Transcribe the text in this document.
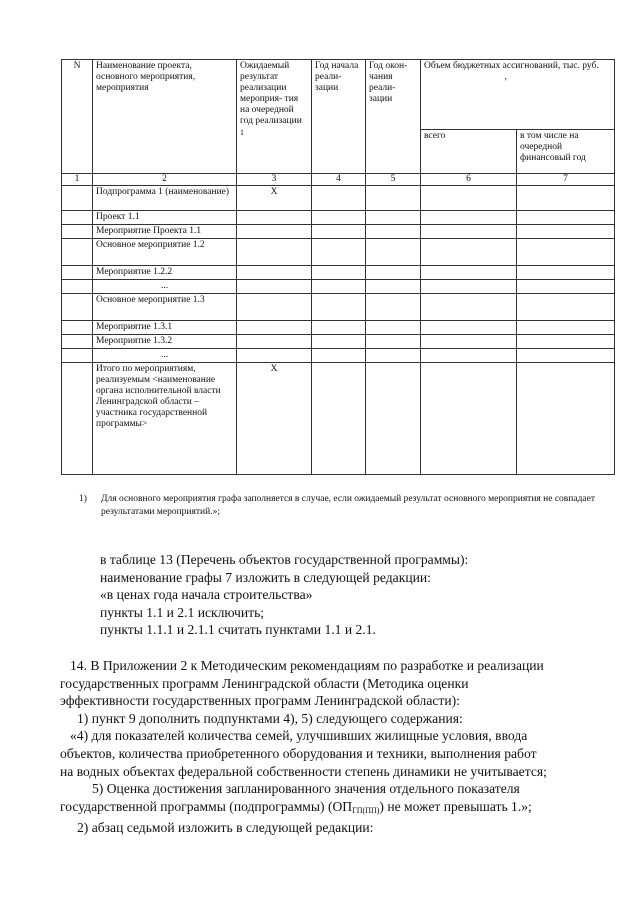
N	Наименование проекта, основного мероприятия, мероприятия	Ожидаемый результат реализации мероприя- тия на очередной год реализации $^1$	Год начала реали- зации	Год окон- чания реали- зации	Объем бюджетных ассигнований, тыс. руб.
‚	
					всего	в том числе на очередной финансовый год
1	2	3	4	5	6	7
	Подпрограмма 1 (наименование)	Х				
	Проект 1.1					
	Мероприятие Проекта 1.1					
	Основное мероприятие 1.2					
	Мероприятие 1.2.2					
	...					
	Основное мероприятие 1.3					
	Мероприятие 1.3.1					
	Мероприятие 1.3.2					
	...					
	Итого по мероприятиям, реализуемым <наименование органа исполнительной власти Ленинградской области – участника государственной программы>	Х				
1) Для основного мероприятия графа заполняется в случае, если ожидаемый результат основного мероприятия не совпадает результатами мероприятий.»;

в таблице 13 (Перечень объектов государственной программы):

наименование графы 7 изложить в следующей редакции:

«в ценах года начала строительства»

пункты 1.1 и 2.1 исключить;

пункты 1.1.1 и 2.1.1 считать пунктами 1.1 и 2.1.

14. В Приложении 2 к Методическим рекомендациям по разработке и реализации

государственных программ Ленинградской области (Методика оценки

эффективности государственных программ Ленинградской области):

1) пункт 9 дополнить подпунктами 4), 5) следующего содержания:

«4) для показателей количества семей, улучшивших жилищные условия, ввода

объектов, количества приобретенного оборудования и техники, выполнения работ

на водных объектах федеральной собственности степень динамики не учитывается;

5) Оценка достижения запланированного значения отдельного показателя

государственной программы (подпрограммы) $(ОП_{ГП(ПП)})$ не может превышать 1.»;

2) абзац седьмой изложить в следующей редакции:
